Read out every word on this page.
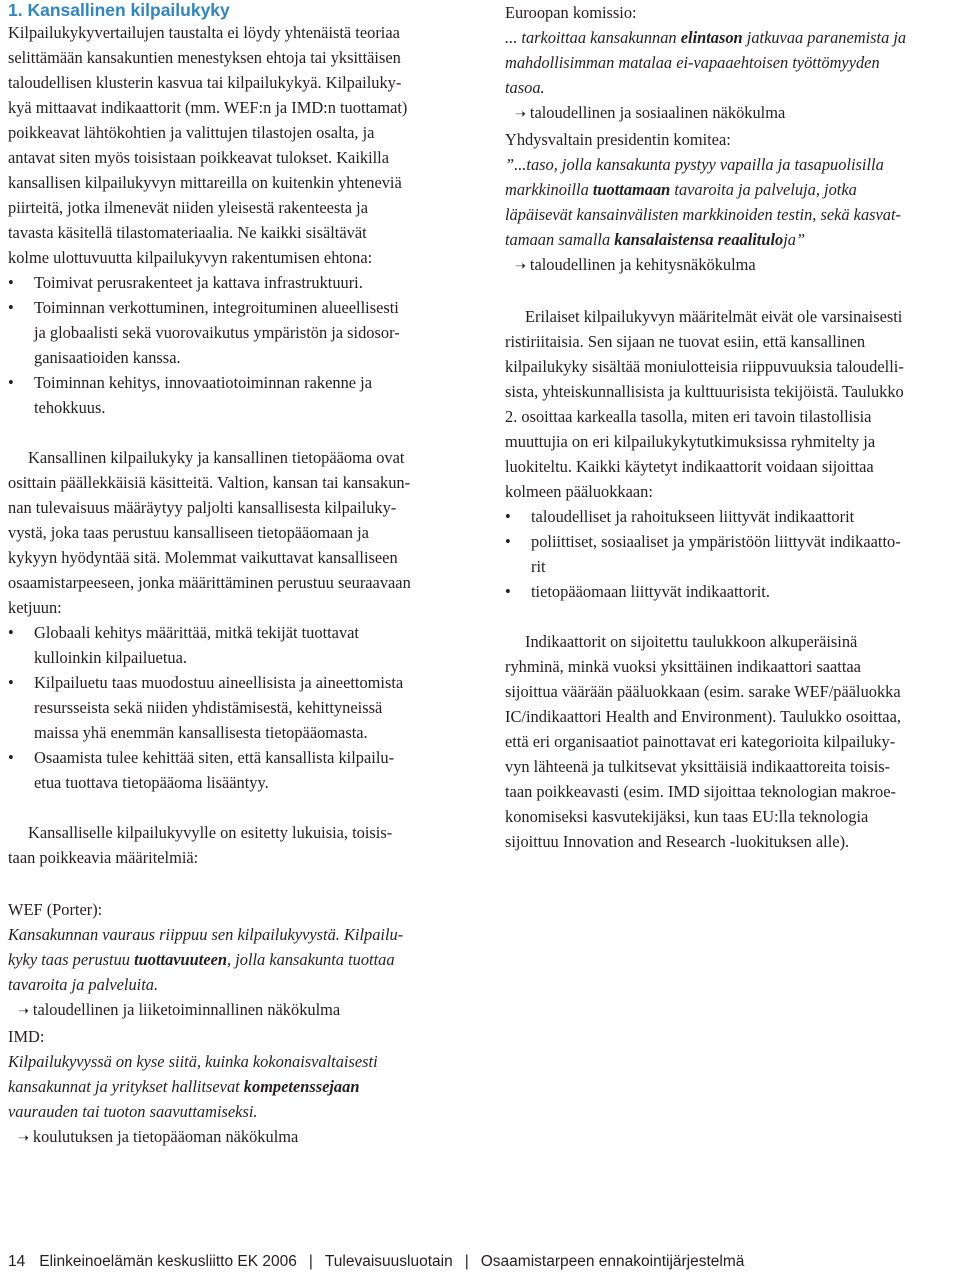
1. Kansallinen kilpailukyky

Kilpailukykyvertailujen taustalta ei löydy yhtenäistä teoriaa
selittämään kansakuntien menestyksen ehtoja tai yksittäisen
taloudellisen klusterin kasvua tai kilpailukykyä. Kilpailuky-
kyä mittaavat indikaattorit (mm. WEF:n ja IMD:n tuottamat)
poikkeavat lähtökohtien ja valittujen tilastojen osalta, ja
antavat siten myös toisistaan poikkeavat tulokset. Kaikilla
kansallisen kilpailukyvyn mittareilla on kuitenkin yhteneviä
piirteitä, jotka ilmenevät niiden yleisestä rakenteesta ja
tavasta käsitellä tilastomateriaalia. Ne kaikki sisältävät
kolme ulottuvuutta kilpailukyvyn rakentumisen ehtona:

• Toimivat perusrakenteet ja kattava infrastruktuuri.
• Toiminnan verkottuminen, integroituminen alueellisesti
ja globaalisti sekä vuorovaikutus ympäristön ja sidosor-
ganisaatioiden kanssa.
• Toiminnan kehitys, innovaatiotoiminnan rakenne ja
tehokkuus.

Kansallinen kilpailukyky ja kansallinen tietopääoma ovat
osittain päällekkäisiä käsitteitä. Valtion, kansan tai kansakun-
nan tulevaisuus määräytyy paljolti kansallisesta kilpailuky-
vystä, joka taas perustuu kansalliseen tietopääomaan ja
kykyyn hyödyntää sitä. Molemmat vaikuttavat kansalliseen
osaamistarpeeseen, jonka määrittäminen perustuu seuraavaan
ketjuun:

• Globaali kehitys määrittää, mitkä tekijät tuottavat
kulloinkin kilpailuetua.
• Kilpailuetu taas muodostuu aineellisista ja aineettomista
resursseista sekä niiden yhdistämisestä, kehittyneissä
maissa yhä enemmän kansallisesta tietopääomasta.
• Osaamista tulee kehittää siten, että kansallista kilpailu-
etua tuottava tietopääoma lisääntyy.

Kansalliselle kilpailukyvylle on esitetty lukuisia, toisis-
taan poikkeavia määritelmiä:

WEF (Porter):
Kansakunnan vauraus riippuu sen kilpailukyvystä. Kilpailu-
kyky taas perustuu tuottavuuteen, jolla kansakunta tuottaa
tavaroita ja palveluita.

➝ taloudellinen ja liiketoiminnallinen näkökulma

IMD:
Kilpailukyvyssä on kyse siitä, kuinka kokonaisvaltaisesti
kansakunnat ja yritykset hallitsevat kompetenssejaan
vaurauden tai tuoton saavuttamiseksi.

➝ koulutuksen ja tietopääoman näkökulma

Euroopan komissio:
... tarkoittaa kansakunnan elintason jatkuvaa paranemista ja
mahdollisimman matalaa ei-vapaaehtoisen työttömyyden
tasoa.

➝ taloudellinen ja sosiaalinen näkökulma

Yhdysvaltain presidentin komitea:
”...taso, jolla kansakunta pystyy vapailla ja tasapuolisilla
markkinoilla tuottamaan tavaroita ja palveluja, jotka
läpäisevät kansainvälisten markkinoiden testin, sekä kasvat-
tamaan samalla kansalaistensa reaalituloja”

➝ taloudellinen ja kehitysnäkökulma

Erilaiset kilpailukyvyn määritelmät eivät ole varsinaisesti
ristiriitaisia. Sen sijaan ne tuovat esiin, että kansallinen
kilpailukyky sisältää moniulotteisia riippuvuuksia taloudelli-
sista, yhteiskunnallisista ja kulttuurisista tekijöistä. Taulukko
2. osoittaa karkealla tasolla, miten eri tavoin tilastollisia
muuttujia on eri kilpailukykytutkimuksissa ryhmitelty ja
luokiteltu. Kaikki käytetyt indikaattorit voidaan sijoittaa
kolmeen pääluokkaan:

• taloudelliset ja rahoitukseen liittyvät indikaattorit
• poliittiset, sosiaaliset ja ympäristöön liittyvät indikaatto-
rit
• tietopääomaan liittyvät indikaattorit.

Indikaattorit on sijoitettu taulukkoon alkuperäisinä
ryhminä, minkä vuoksi yksittäinen indikaattori saattaa
sijoittua väärään pääluokkaan (esim. sarake WEF/pääluokka
IC/indikaattori Health and Environment). Taulukko osoittaa,
että eri organisaatiot painottavat eri kategorioita kilpailuky-
vyn lähteenä ja tulkitsevat yksittäisiä indikaattoreita toisis-
taan poikkeavasti (esim. IMD sijoittaa teknologian makroe-
konomiseksi kasvutekijäksi, kun taas EU:lla teknologia
sijoittuu Innovation and Research -luokituksen alle).

14 Elinkeinoelämän keskusliitto EK 2006 | Tulevaisuusluotain | Osaamistarpeen ennakointijärjestelmä
